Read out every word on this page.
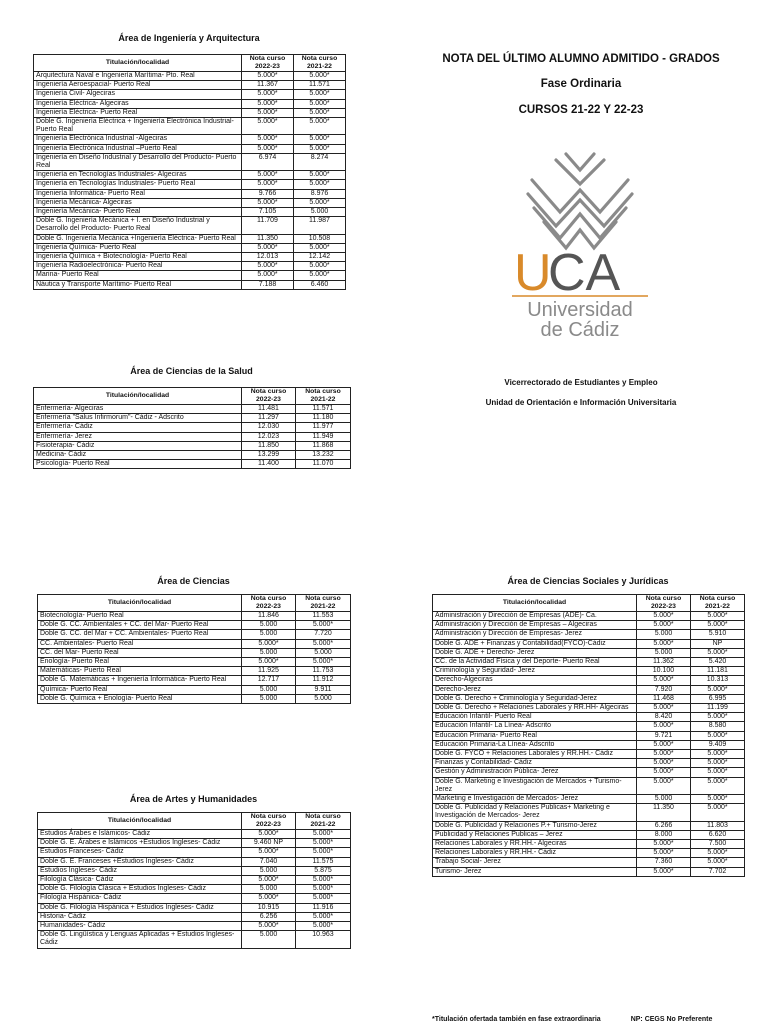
Área de Ingeniería y Arquitectura
Titulación/localidad	Nota curso 2022-23	Nota curso 2021-22
Arquitectura Naval e Ingeniería Marítima- Pto. Real	5.000*	5.000*
Ingeniería Aeroespacial- Puerto Real	11.367	11.571
Ingeniería Civil- Algeciras	5.000*	5.000*
Ingeniería Eléctrica- Algeciras	5.000*	5.000*
Ingeniería Eléctrica- Puerto Real	5.000*	5.000*
Doble G. Ingeniería Eléctrica + Ingeniería Electrónica Industrial- Puerto Real	5.000*	5.000*
Ingeniería Electrónica Industrial -Algeciras	5.000*	5.000*
Ingeniería Electrónica Industrial –Puerto Real	5.000*	5.000*
Ingeniería en Diseño Industrial y Desarrollo del Producto- Puerto Real	6.974	8.274
Ingeniería en Tecnologías Industriales- Algeciras	5.000*	5.000*
Ingeniería en Tecnologías Industriales- Puerto Real	5.000*	5.000*
Ingeniería Informática- Puerto Real	9.766	8.976
Ingeniería Mecánica- Algeciras	5.000*	5.000*
Ingeniería Mecánica- Puerto Real	7.105	5.000
Doble G. Ingeniería Mecánica + I. en Diseño Industrial y Desarrollo del Producto- Puerto Real	11.709	11.987
Doble G. Ingeniería Mecánica +Ingeniería Eléctrica- Puerto Real	11.350	10.508
Ingeniería Química- Puerto Real	5.000*	5.000*
Ingeniería Química + Biotecnología- Puerto Real	12.013	12.142
Ingeniería Radioelectrónica- Puerto Real	5.000*	5.000*
Marina- Puerto Real	5.000*	5.000*
Náutica y Transporte Marítimo- Puerto Real	7.188	6.460
Área de Ciencias de la Salud
Titulación/localidad	Nota curso 2022-23	Nota curso 2021-22
Enfermería- Algeciras	11.481	11.571
Enfermería "Salus Infirmorum"- Cádiz - Adscrito	11.297	11.180
Enfermería- Cádiz	12.030	11.977
Enfermería- Jerez	12.023	11.949
Fisioterapia- Cádiz	11.850	11.868
Medicina- Cádiz	13.299	13.232
Psicología- Puerto Real	11.400	11.070
Área de Ciencias
Titulación/localidad	Nota curso 2022-23	Nota curso 2021-22
Biotecnología- Puerto Real	11.846	11.553
Doble G. CC. Ambientales + CC. del Mar- Puerto Real	5.000	5.000*
Doble G. CC. del Mar + CC. Ambientales- Puerto Real	5.000	7.720
CC. Ambientales- Puerto Real	5.000*	5.000*
CC. del Mar- Puerto Real	5.000	5.000
Enología- Puerto Real	5.000*	5.000*
Matemáticas- Puerto Real	11.925	11.753
Doble G. Matemáticas + Ingeniería Informática- Puerto Real	12.717	11.912
Química- Puerto Real	5.000	9.911
Doble G. Química + Enología- Puerto Real	5.000	5.000
Área de Artes y Humanidades
Titulación/localidad	Nota curso 2022-23	Nota curso 2021-22
Estudios Árabes e Islámicos- Cádiz	5.000*	5.000*
Doble G. E. Árabes e Islámicos +Estudios Ingleses- Cádiz	9.460 NP	5.000*
Estudios Franceses- Cádiz	5.000*	5.000*
Doble G. E. Franceses +Estudios Ingleses- Cádiz	7.040	11.575
Estudios Ingleses- Cádiz	5.000	5.875
Filología Clásica- Cádiz	5.000*	5.000*
Doble G. Filología Clásica + Estudios Ingleses- Cádiz	5.000	5.000*
Filología Hispánica- Cádiz	5.000*	5.000*
Doble G. Filología Hispánica + Estudios Ingleses- Cádiz	10.915	11.916
Historia- Cádiz	6.256	5.000*
Humanidades- Cádiz	5.000*	5.000*
Doble G. Lingüística y Lenguas Aplicadas + Estudios Ingleses- Cádiz	5.000	10.963
Área de Ciencias Sociales y Jurídicas
Titulación/localidad	Nota curso 2022-23	Nota curso 2021-22
Administración y Dirección de Empresas (ADE)- Ca.	5.000*	5.000*
Administración y Dirección de Empresas – Algeciras	5.000*	5.000*
Administración y Dirección de Empresas- Jerez	5.000	5.910
Doble G. ADE + Finanzas y Contabilidad(FYCO)-Cádiz	5.000*	NP
Doble G. ADE + Derecho- Jerez	5.000	5.000*
CC. de la Actividad Física y del Deporte- Puerto Real	11.362	5.420
Criminología y Seguridad- Jerez	10.100	11.181
Derecho-Algeciras	5.000*	10.313
Derecho-Jerez	7.920	5.000*
Doble G. Derecho + Criminología y Seguridad-Jerez	11.468	6.995
Doble G. Derecho + Relaciones Laborales y RR.HH- Algeciras	5.000*	11.199
Educación Infantil- Puerto Real	8.420	5.000*
Educación Infantil- La Línea- Adscrito	5.000*	8.580
Educación Primaria- Puerto Real	9.721	5.000*
Educación Primaria-La Línea- Adscrito	5.000*	9.409
Doble G. FYCO + Relaciones Laborales y RR.HH.- Cádiz	5.000*	5.000*
Finanzas y Contabilidad- Cádiz	5.000*	5.000*
Gestión y Administración Pública- Jerez	5.000*	5.000*
Doble G. Marketing e Investigación de Mercados + Turismo- Jerez	5.000*	5.000*
Marketing e Investigación de Mercados- Jerez	5.000	5.000*
Doble G. Publicidad y Relaciones Publicas+ Marketing e Investigación de Mercados- Jerez	11.350	5.000*
Doble G. Publicidad y Relaciones P.+ Turismo-Jerez	6.266	11.803
Publicidad y Relaciones Publicas – Jerez	8.000	6.620
Relaciones Laborales y RR.HH.- Algeciras	5.000*	7.500
Relaciones Laborales y RR.HH.- Cádiz	5.000*	5.000*
Trabajo Social- Jerez	7.360	5.000*
Turismo- Jerez	5.000*	7.702
NOTA DEL ÚLTIMO ALUMNO ADMITIDO - GRADOS
Fase Ordinaria
CURSOS 21-22 Y 22-23
U
CA
Universidad
de Cádiz
Vicerrectorado de Estudiantes y Empleo
Unidad de Orientación e Información Universitaria
*Titulación ofertada también en fase extraordinaria	NP: CEGS No Preferente
